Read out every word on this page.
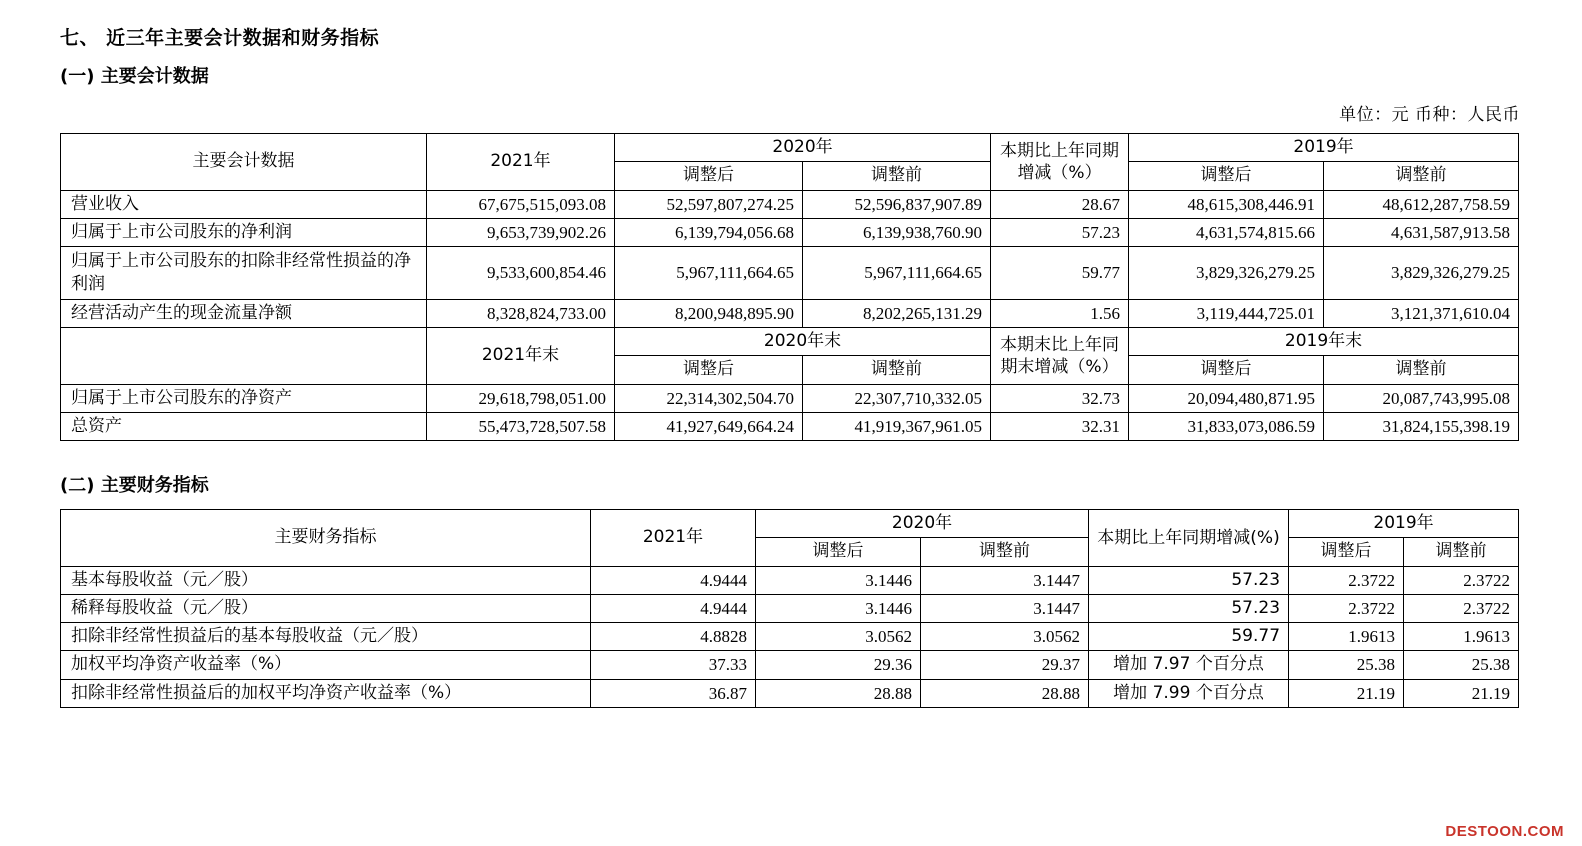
七、 近三年主要会计数据和财务指标
(一) 主要会计数据
单位：元 币种：人民币
主要会计数据	2021年	2020年		本期比上年同期增减（%）	2019年	
		调整后	调整前		调整后	调整前
营业收入	67,675,515,093.08	52,597,807,274.25	52,596,837,907.89	28.67	48,615,308,446.91	48,612,287,758.59
归属于上市公司股东的净利润	9,653,739,902.26	6,139,794,056.68	6,139,938,760.90	57.23	4,631,574,815.66	4,631,587,913.58
归属于上市公司股东的扣除非经常性损益的净利润	9,533,600,854.46	5,967,111,664.65	5,967,111,664.65	59.77	3,829,326,279.25	3,829,326,279.25
经营活动产生的现金流量净额	8,328,824,733.00	8,200,948,895.90	8,202,265,131.29	1.56	3,119,444,725.01	3,121,371,610.04
	2021年末	2020年末		本期末比上年同期末增减（%）	2019年末	
		调整后	调整前		调整后	调整前
归属于上市公司股东的净资产	29,618,798,051.00	22,314,302,504.70	22,307,710,332.05	32.73	20,094,480,871.95	20,087,743,995.08
总资产	55,473,728,507.58	41,927,649,664.24	41,919,367,961.05	32.31	31,833,073,086.59	31,824,155,398.19
(二) 主要财务指标
主要财务指标	2021年	2020年		本期比上年同期增减(%)	2019年	
		调整后	调整前		调整后	调整前
基本每股收益（元／股）	4.9444	3.1446	3.1447	57.23	2.3722	2.3722
稀释每股收益（元／股）	4.9444	3.1446	3.1447	57.23	2.3722	2.3722
扣除非经常性损益后的基本每股收益（元／股）	4.8828	3.0562	3.0562	59.77	1.9613	1.9613
加权平均净资产收益率（%）	37.33	29.36	29.37	增加 7.97 个百分点	25.38	25.38
扣除非经常性损益后的加权平均净资产收益率（%）	36.87	28.88	28.88	增加 7.99 个百分点	21.19	21.19
DESTOON.COM
